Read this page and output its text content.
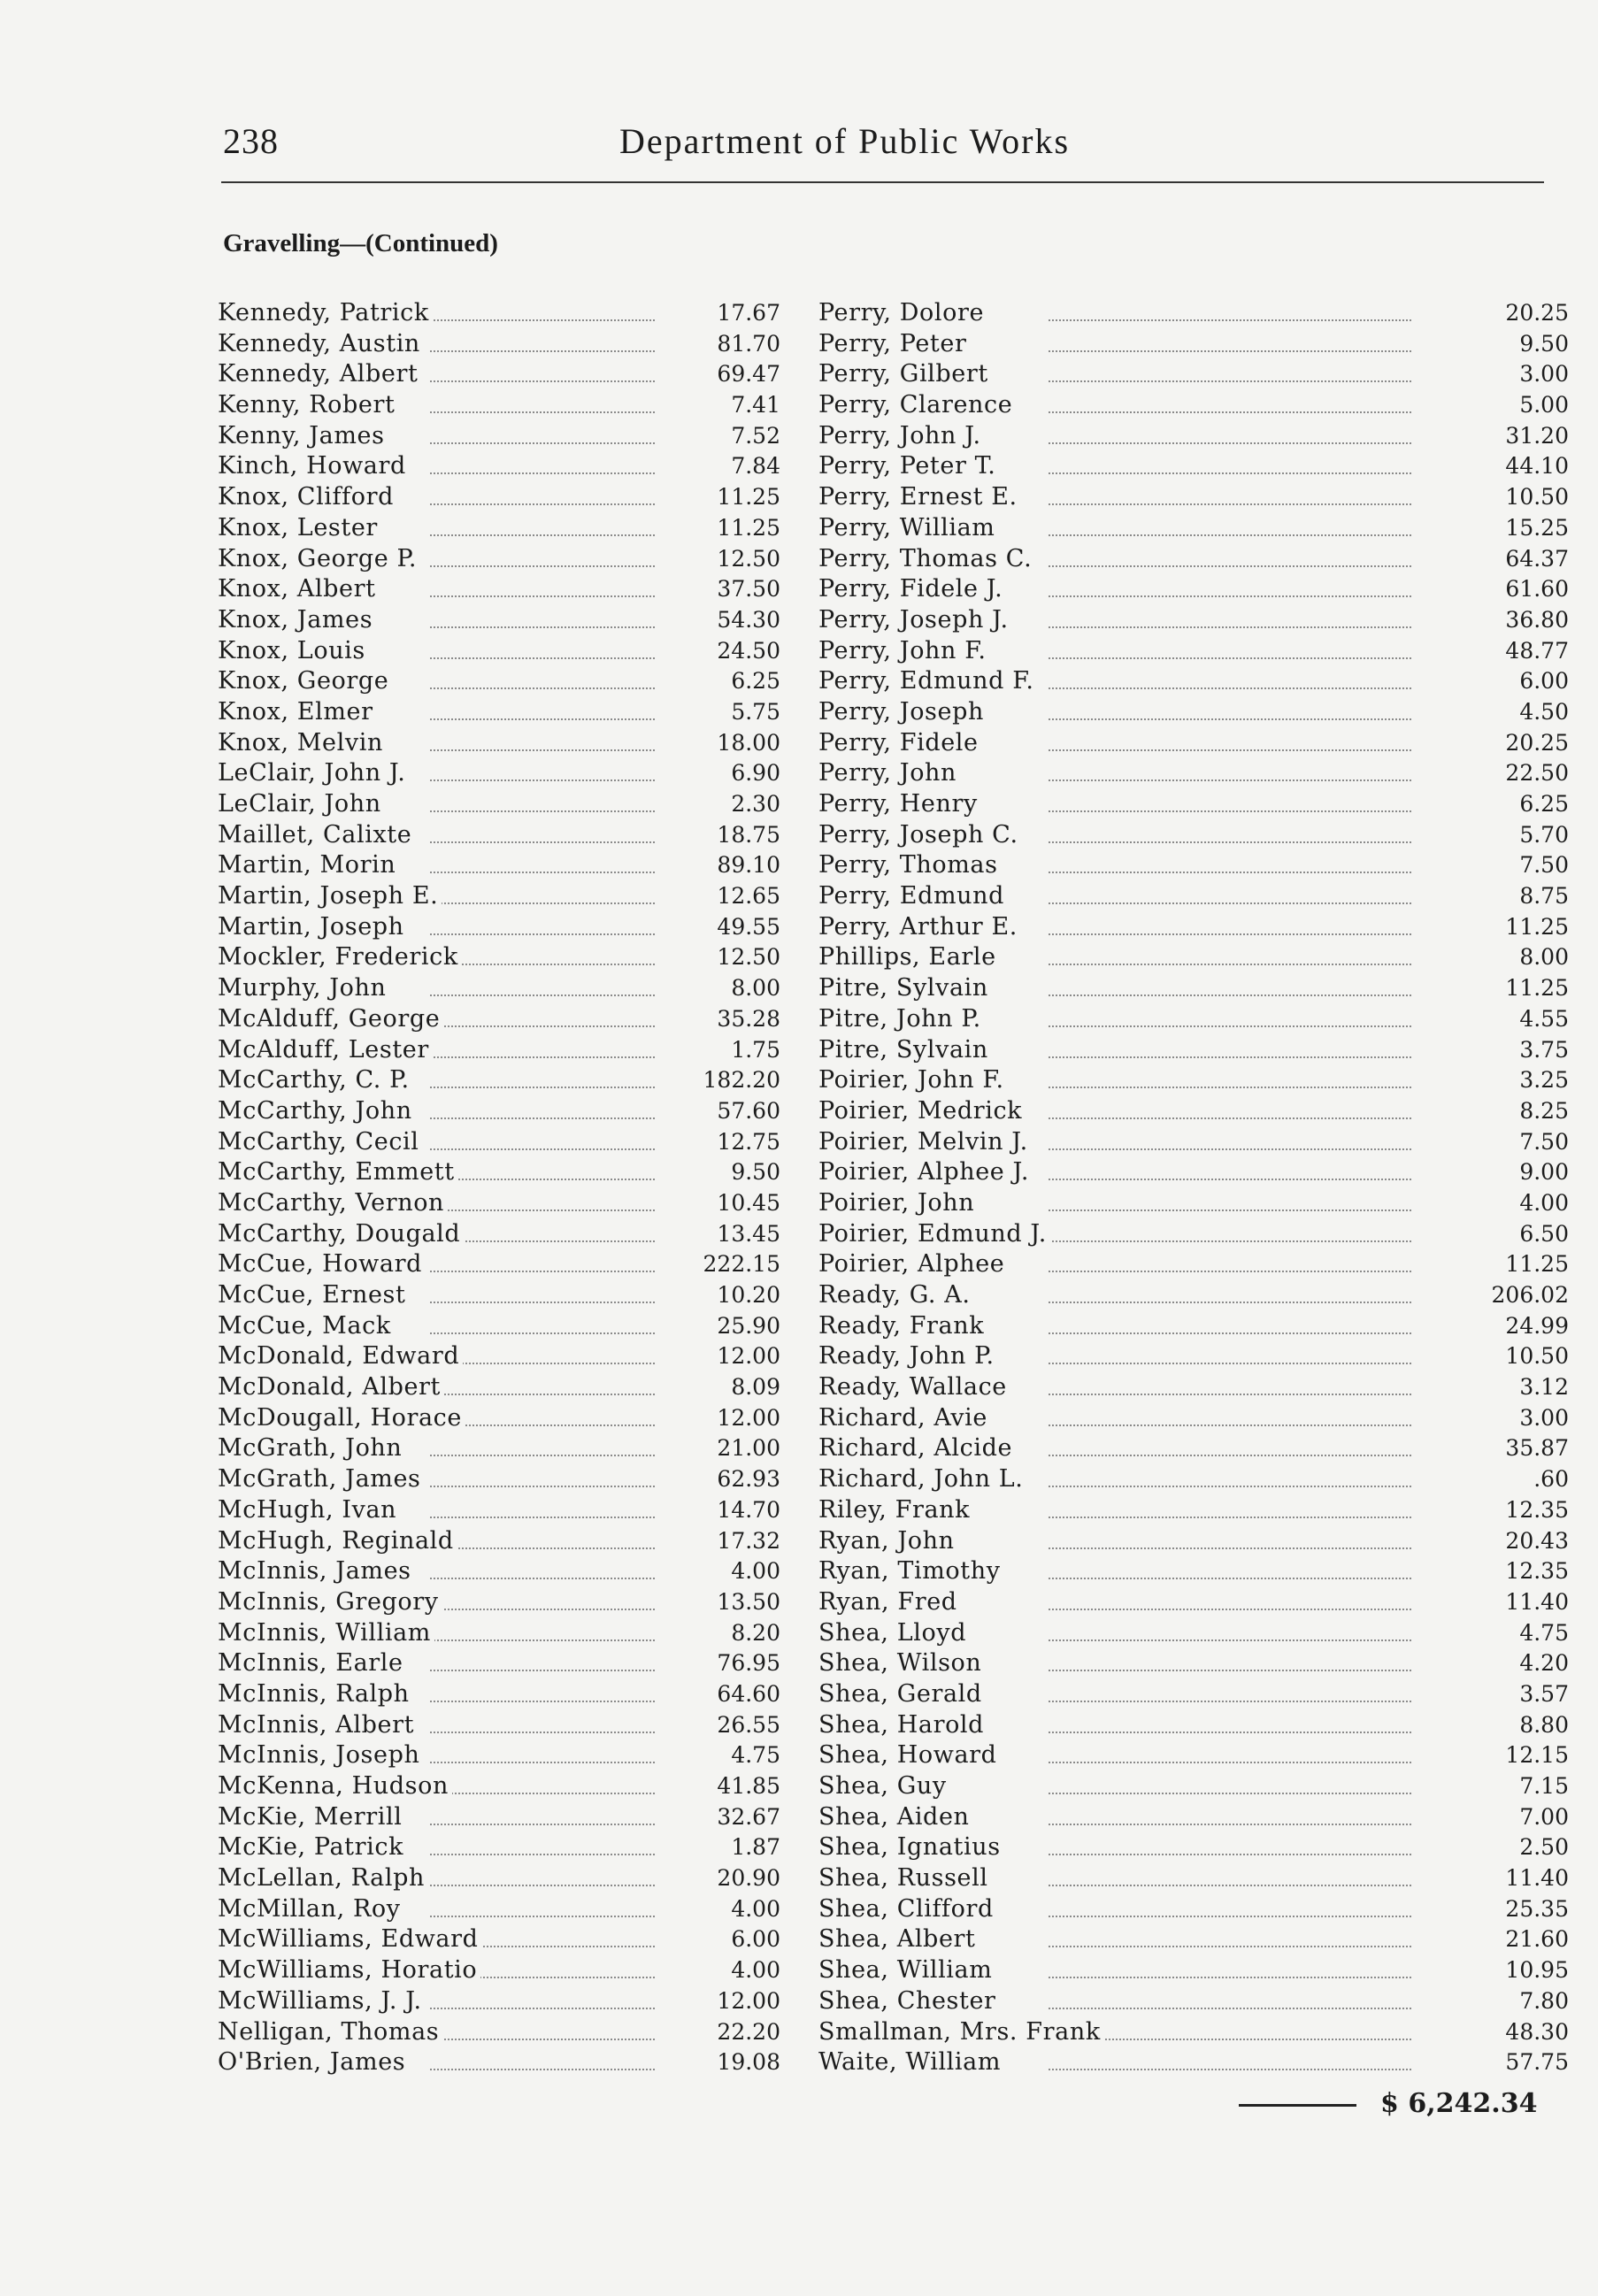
238	Department of Public Works
Gravelling—(Continued)
Kennedy, Patrick	17.67
Kennedy, Austin	81.70
Kennedy, Albert	69.47
Kenny, Robert	7.41
Kenny, James	7.52
Kinch, Howard	7.84
Knox, Clifford	11.25
Knox, Lester	11.25
Knox, George P.	12.50
Knox, Albert	37.50
Knox, James	54.30
Knox, Louis	24.50
Knox, George	6.25
Knox, Elmer	5.75
Knox, Melvin	18.00
LeClair, John J.	6.90
LeClair, John	2.30
Maillet, Calixte	18.75
Martin, Morin	89.10
Martin, Joseph E.	12.65
Martin, Joseph	49.55
Mockler, Frederick	12.50
Murphy, John	8.00
McAlduff, George	35.28
McAlduff, Lester	1.75
McCarthy, C. P.	182.20
McCarthy, John	57.60
McCarthy, Cecil	12.75
McCarthy, Emmett	9.50
McCarthy, Vernon	10.45
McCarthy, Dougald	13.45
McCue, Howard	222.15
McCue, Ernest	10.20
McCue, Mack	25.90
McDonald, Edward	12.00
McDonald, Albert	8.09
McDougall, Horace	12.00
McGrath, John	21.00
McGrath, James	62.93
McHugh, Ivan	14.70
McHugh, Reginald	17.32
McInnis, James	4.00
McInnis, Gregory	13.50
McInnis, William	8.20
McInnis, Earle	76.95
McInnis, Ralph	64.60
McInnis, Albert	26.55
McInnis, Joseph	4.75
McKenna, Hudson	41.85
McKie, Merrill	32.67
McKie, Patrick	1.87
McLellan, Ralph	20.90
McMillan, Roy	4.00
McWilliams, Edward	6.00
McWilliams, Horatio	4.00
McWilliams, J. J.	12.00
Nelligan, Thomas	22.20
O'Brien, James	19.08
Perry, Dolore	20.25
Perry, Peter	9.50
Perry, Gilbert	3.00
Perry, Clarence	5.00
Perry, John J.	31.20
Perry, Peter T.	44.10
Perry, Ernest E.	10.50
Perry, William	15.25
Perry, Thomas C.	64.37
Perry, Fidele J.	61.60
Perry, Joseph J.	36.80
Perry, John F.	48.77
Perry, Edmund F.	6.00
Perry, Joseph	4.50
Perry, Fidele	20.25
Perry, John	22.50
Perry, Henry	6.25
Perry, Joseph C.	5.70
Perry, Thomas	7.50
Perry, Edmund	8.75
Perry, Arthur E.	11.25
Phillips, Earle	8.00
Pitre, Sylvain	11.25
Pitre, John P.	4.55
Pitre, Sylvain	3.75
Poirier, John F.	3.25
Poirier, Medrick	8.25
Poirier, Melvin J.	7.50
Poirier, Alphee J.	9.00
Poirier, John	4.00
Poirier, Edmund J.	6.50
Poirier, Alphee	11.25
Ready, G. A.	206.02
Ready, Frank	24.99
Ready, John P.	10.50
Ready, Wallace	3.12
Richard, Avie	3.00
Richard, Alcide	35.87
Richard, John L.	.60
Riley, Frank	12.35
Ryan, John	20.43
Ryan, Timothy	12.35
Ryan, Fred	11.40
Shea, Lloyd	4.75
Shea, Wilson	4.20
Shea, Gerald	3.57
Shea, Harold	8.80
Shea, Howard	12.15
Shea, Guy	7.15
Shea, Aiden	7.00
Shea, Ignatius	2.50
Shea, Russell	11.40
Shea, Clifford	25.35
Shea, Albert	21.60
Shea, William	10.95
Shea, Chester	7.80
Smallman, Mrs. Frank	48.30
Waite, William	57.75
$ 6,242.34
